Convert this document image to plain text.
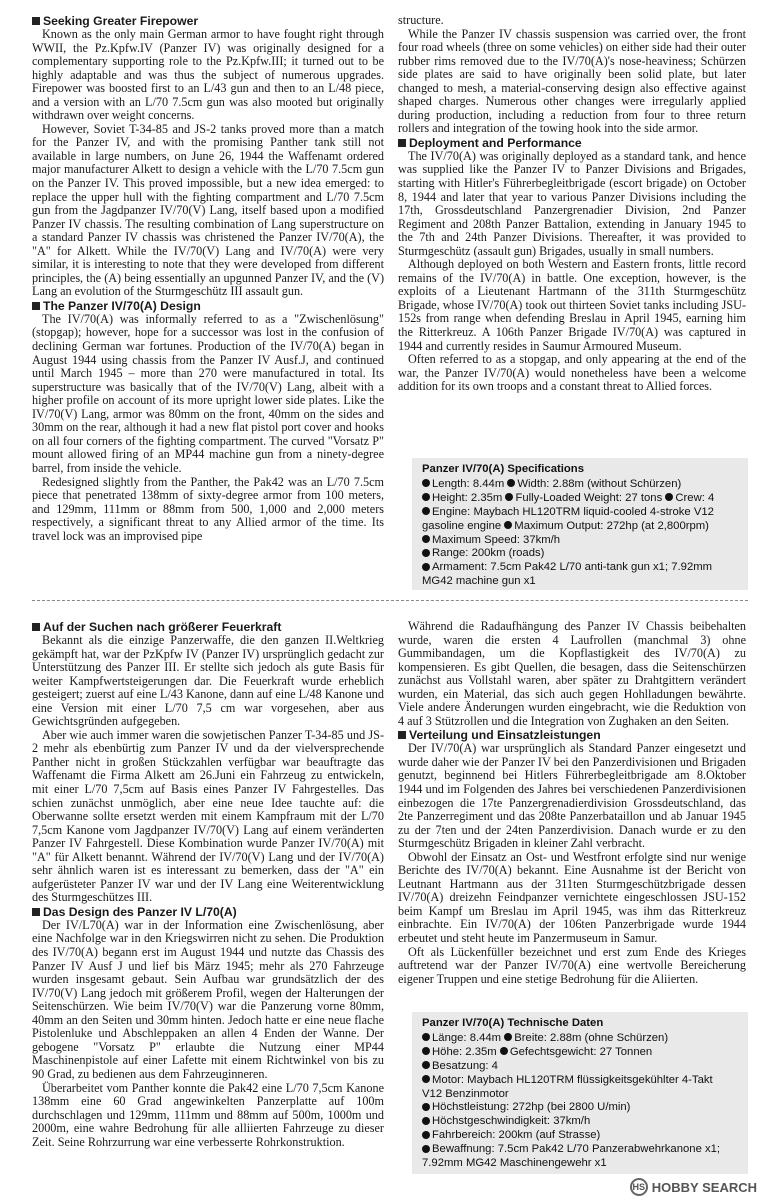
Seeking Greater Firepower

Known as the only main German armor to have fought right through WWII, the Pz.Kpfw.IV (Panzer IV) was originally designed for a complementary supporting role to the Pz.Kpfw.III; it turned out to be highly adaptable and was thus the subject of numerous upgrades. Firepower was boosted first to an L/43 gun and then to an L/48 piece, and a version with an L/70 7.5cm gun was also mooted but originally withdrawn over weight concerns.

However, Soviet T-34-85 and JS-2 tanks proved more than a match for the Panzer IV, and with the promising Panther tank still not available in large numbers, on June 26, 1944 the Waffenamt ordered major manufacturer Alkett to design a vehicle with the L/70 7.5cm gun on the Panzer IV. This proved impossible, but a new idea emerged: to replace the upper hull with the fighting compartment and L/70 7.5cm gun from the Jagdpanzer IV/70(V) Lang, itself based upon a modified Panzer IV chassis. The resulting combination of Lang superstructure on a standard Panzer IV chassis was christened the Panzer IV/70(A), the "A" for Alkett. While the IV/70(V) Lang and IV/70(A) were very similar, it is interesting to note that they were developed from different principles, the (A) being essentially an upgunned Panzer IV, and the (V) Lang an evolution of the Sturmgeschütz III assault gun.

The Panzer IV/70(A) Design

The IV/70(A) was informally referred to as a "Zwischenlösung" (stopgap); however, hope for a successor was lost in the confusion of declining German war fortunes. Production of the IV/70(A) began in August 1944 using chassis from the Panzer IV Ausf.J, and continued until March 1945 – more than 270 were manufactured in total. Its superstructure was basically that of the IV/70(V) Lang, albeit with a higher profile on account of its more upright lower side plates. Like the IV/70(V) Lang, armor was 80mm on the front, 40mm on the sides and 30mm on the rear, although it had a new flat pistol port cover and hooks on all four corners of the fighting compartment. The curved "Vorsatz P" mount allowed firing of an MP44 machine gun from a ninety-degree barrel, from inside the vehicle.

Redesigned slightly from the Panther, the Pak42 was an L/70 7.5cm piece that penetrated 138mm of sixty-degree armor from 100 meters, and 129mm, 111mm or 88mm from 500, 1,000 and 2,000 meters respectively, a significant threat to any Allied armor of the time. Its travel lock was an improvised pipe

structure.

While the Panzer IV chassis suspension was carried over, the front four road wheels (three on some vehicles) on either side had their outer rubber rims removed due to the IV/70(A)'s nose-heaviness; Schürzen side plates are said to have originally been solid plate, but later changed to mesh, a material-conserving design also effective against shaped charges. Numerous other changes were irregularly applied during production, including a reduction from four to three return rollers and integration of the towing hook into the side armor.

Deployment and Performance

The IV/70(A) was originally deployed as a standard tank, and hence was supplied like the Panzer IV to Panzer Divisions and Brigades, starting with Hitler's Führerbegleitbrigade (escort brigade) on October 8, 1944 and later that year to various Panzer Divisions including the 17th, Grossdeutschland Panzergrenadier Division, 2nd Panzer Regiment and 208th Panzer Battalion, extending in January 1945 to the 7th and 24th Panzer Divisions. Thereafter, it was provided to Sturmgeschütz (assault gun) Brigades, usually in small numbers.

Although deployed on both Western and Eastern fronts, little record remains of the IV/70(A) in battle. One exception, however, is the exploits of a Lieutenant Hartmann of the 311th Sturmgeschütz Brigade, whose IV/70(A) took out thirteen Soviet tanks including JSU-152s from range when defending Breslau in April 1945, earning him the Ritterkreuz. A 106th Panzer Brigade IV/70(A) was captured in 1944 and currently resides in Saumur Armoured Museum.

Often referred to as a stopgap, and only appearing at the end of the war, the Panzer IV/70(A) would nonetheless have been a welcome addition for its own troops and a constant threat to Allied forces.

Panzer IV/70(A) Specifications
Length: 8.44m Width: 2.88m (without Schürzen)
Height: 2.35m Fully-Loaded Weight: 27 tons Crew: 4
Engine: Maybach HL120TRM liquid-cooled 4-stroke V12
gasoline engine Maximum Output: 272hp (at 2,800rpm)
Maximum Speed: 37km/h
Range: 200km (roads)
Armament: 7.5cm Pak42 L/70 anti-tank gun x1; 7.92mm
MG42 machine gun x1
Auf der Suchen nach größerer Feuerkraft

Bekannt als die einzige Panzerwaffe, die den ganzen II.Weltkrieg gekämpft hat, war der PzKpfw IV (Panzer IV) ursprünglich gedacht zur Unterstützung des Panzer III. Er stellte sich jedoch als gute Basis für weiter Kampfwertsteigerungen dar. Die Feuerkraft wurde erheblich gesteigert; zuerst auf eine L/43 Kanone, dann auf eine L/48 Kanone und eine Version mit einer L/70 7,5 cm war vorgesehen, aber aus Gewichtsgründen aufgegeben.

Aber wie auch immer waren die sowjetischen Panzer T-34-85 und JS-2 mehr als ebenbürtig zum Panzer IV und da der vielversprechende Panther nicht in großen Stückzahlen verfügbar war beauftragte das Waffenamt die Firma Alkett am 26.Juni ein Fahrzeug zu entwickeln, mit einer L/70 7,5cm auf Basis eines Panzer IV Fahrgestelles. Das schien zunächst unmöglich, aber eine neue Idee tauchte auf: die Oberwanne sollte ersetzt werden mit einem Kampfraum mit der L/70 7,5cm Kanone vom Jagdpanzer IV/70(V) Lang auf einem veränderten Panzer IV Fahrgestell. Diese Kombination wurde Panzer IV/70(A) mit "A" für Alkett benannt. Während der IV/70(V) Lang und der IV/70(A) sehr ähnlich waren ist es interessant zu bemerken, dass der "A" ein aufgerüsteter Panzer IV war und der IV Lang eine Weiterentwicklung des Sturmgeschützes III.

Das Design des Panzer IV L/70(A)

Der IV/L70(A) war in der Information eine Zwischenlösung, aber eine Nachfolge war in den Kriegswirren nicht zu sehen. Die Produktion des IV/70(A) begann erst im August 1944 und nutzte das Chassis des Panzer IV Ausf J und lief bis März 1945; mehr als 270 Fahrzeuge wurden insgesamt gebaut. Sein Aufbau war grundsätzlich der des IV/70(V) Lang jedoch mit größerem Profil, wegen der Halterungen der Seitenschürzen. Wie beim IV/70(V) war die Panzerung vorne 80mm, 40mm an den Seiten und 30mm hinten. Jedoch hatte er eine neue flache Pistolenluke und Abschleppaken an allen 4 Enden der Wanne. Der gebogene "Vorsatz P" erlaubte die Nutzung einer MP44 Maschinenpistole auf einer Lafette mit einem Richtwinkel von bis zu 90 Grad, zu bedienen aus dem Fahrzeuginneren.

Überarbeitet vom Panther konnte die Pak42 eine L/70 7,5cm Kanone 138mm eine 60 Grad angewinkelten Panzerplatte auf 100m durchschlagen und 129mm, 111mm und 88mm auf 500m, 1000m und 2000m, eine wahre Bedrohung für alle alliierten Fahrzeuge zu dieser Zeit. Seine Rohrzurrung war eine verbesserte Rohrkonstruktion.

Während die Radaufhängung des Panzer IV Chassis beibehalten wurde, waren die ersten 4 Laufrollen (manchmal 3) ohne Gummibandagen, um die Kopflastigkeit des IV/70(A) zu kompensieren. Es gibt Quellen, die besagen, dass die Seitenschürzen zunächst aus Vollstahl waren, aber später zu Drahtgittern verändert wurden, ein Material, das sich auch gegen Hohlladungen bewährte. Viele andere Änderungen wurden eingebracht, wie die Reduktion von 4 auf 3 Stützrollen und die Integration von Zughaken an den Seiten.

Verteilung und Einsatzleistungen

Der IV/70(A) war ursprünglich als Standard Panzer eingesetzt und wurde daher wie der Panzer IV bei den Panzerdivisionen und Brigaden genutzt, beginnend bei Hitlers Führerbegleitbrigade am 8.Oktober 1944 und im Folgenden des Jahres bei verschiedenen Panzerdivisionen einbezogen die 17te Panzergrenadierdivision Grossdeutschland, das 2te Panzerregiment und das 208te Panzerbataillon und ab Januar 1945 zu der 7ten und der 24ten Panzerdivision. Danach wurde er zu den Sturmgeschütz Brigaden in kleiner Zahl verbracht.

Obwohl der Einsatz an Ost- und Westfront erfolgte sind nur wenige Berichte des IV/70(A) bekannt. Eine Ausnahme ist der Bericht von Leutnant Hartmann aus der 311ten Sturmgeschützbrigade dessen IV/70(A) dreizehn Feindpanzer vernichtete eingeschlossen JSU-152 beim Kampf um Breslau im April 1945, was ihm das Ritterkreuz einbrachte. Ein IV/70(A) der 106ten Panzerbrigade wurde 1944 erbeutet und steht heute im Panzermuseum in Samur.

Oft als Lückenfüller bezeichnet und erst zum Ende des Krieges auftretend war der Panzer IV/70(A) eine wertvolle Bereicherung eigener Truppen und eine stetige Bedrohung für die Aliierten.

Panzer IV/70(A) Technische Daten
Länge: 8.44m Breite: 2.88m (ohne Schürzen)
Höhe: 2.35m Gefechtsgewicht: 27 Tonnen
Besatzung: 4
Motor: Maybach HL120TRM flüssigkeitsgekühlter 4-Takt
V12 Benzinmotor
Höchstleistung: 272hp (bei 2800 U/min)
Höchstgeschwindigkeit: 37km/h
Fahrbereich: 200km (auf Strasse)
Bewaffnung: 7.5cm Pak42 L/70 Panzerabwehrkanone x1;
7.92mm MG42 Maschinengewehr x1
HS HOBBY SEARCH
